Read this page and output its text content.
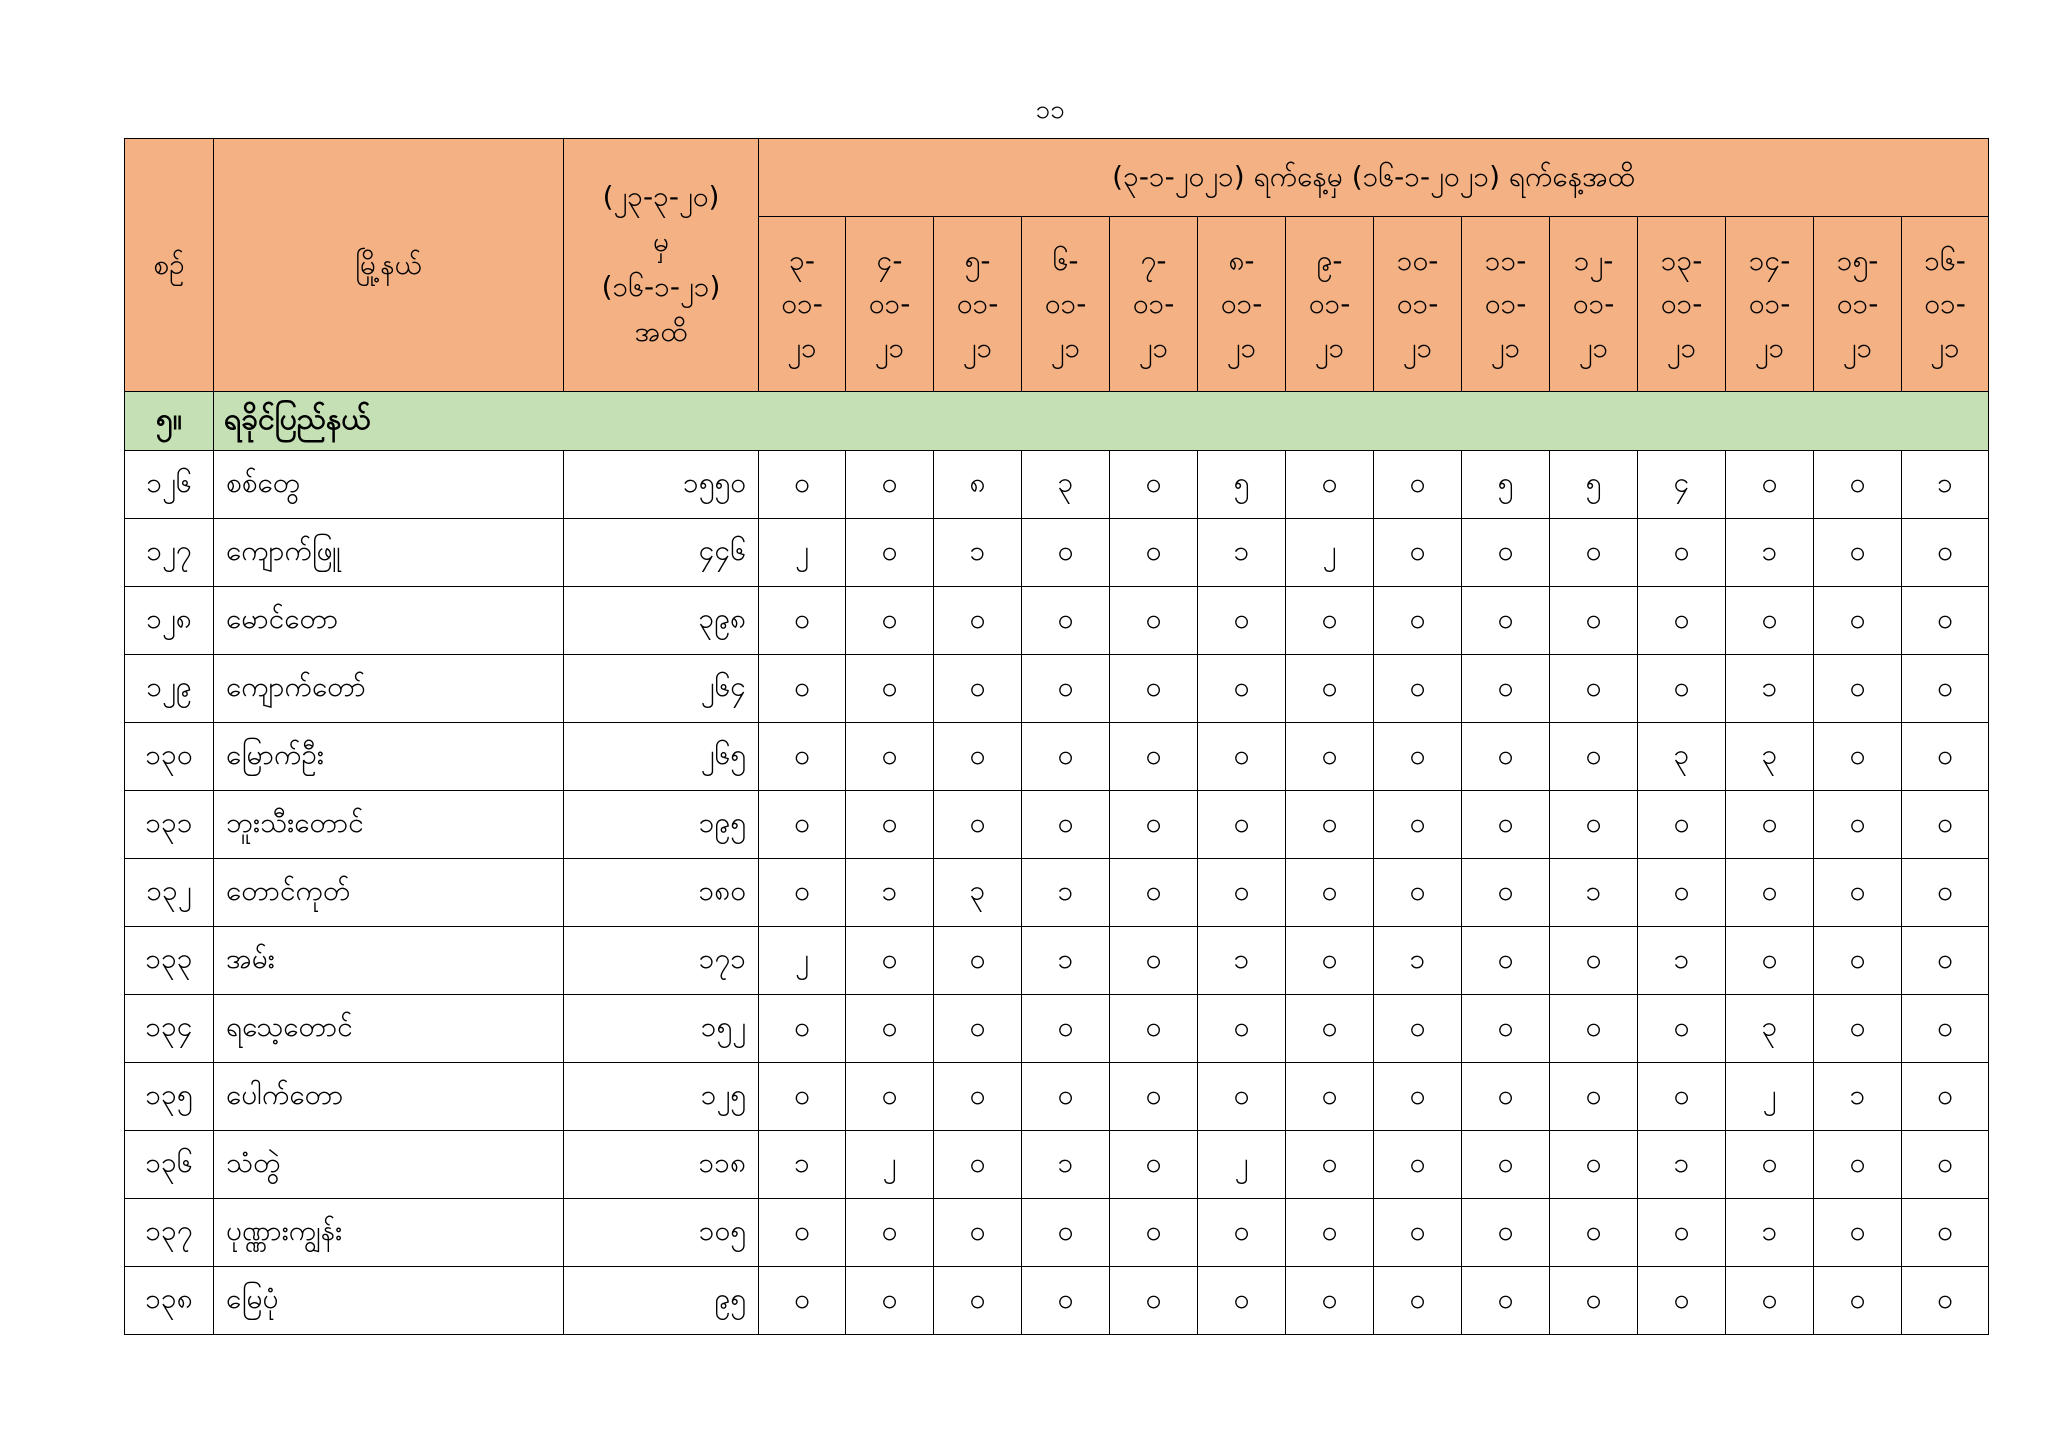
၁၁
စဉ်	မြို့နယ်	(၂၃-၃-၂၀)
မှ
(၁၆-၁-၂၁)
အထိ	(၃-၁-၂၀၂၁) ရက်နေ့မှ (၁၆-၁-၂၀၂၁) ရက်နေ့အထိ													

			၃-
၀၁-
၂၁	၄-
၀၁-
၂၁	၅-
၀၁-
၂၁	၆-
၀၁-
၂၁	၇-
၀၁-
၂၁	၈-
၀၁-
၂၁	၉-
၀၁-
၂၁	၁၀-
၀၁-
၂၁	၁၁-
၀၁-
၂၁	၁၂-
၀၁-
၂၁	၁၃-
၀၁-
၂၁	၁၄-
၀၁-
၂၁	၁၅-
၀၁-
၂၁	၁၆-
၀၁-
၂၁

၅။	ရခိုင်ပြည်နယ်															
၁၂၆	စစ်တွေ	၁၅၅၀	၀	၀	၈	၃	၀	၅	၀	၀	၅	၅	၄	၀	၀	၁
၁၂၇	ကျောက်ဖြူ	၄၄၆	၂	၀	၁	၀	၀	၁	၂	၀	၀	၀	၀	၁	၀	၀
၁၂၈	မောင်တော	၃၉၈	၀	၀	၀	၀	၀	၀	၀	၀	၀	၀	၀	၀	၀	၀
၁၂၉	ကျောက်တော်	၂၆၄	၀	၀	၀	၀	၀	၀	၀	၀	၀	၀	၀	၁	၀	၀
၁၃၀	မြောက်ဦး	၂၆၅	၀	၀	၀	၀	၀	၀	၀	၀	၀	၀	၃	၃	၀	၀
၁၃၁	ဘူးသီးတောင်	၁၉၅	၀	၀	၀	၀	၀	၀	၀	၀	၀	၀	၀	၀	၀	၀
၁၃၂	တောင်ကုတ်	၁၈၀	၀	၁	၃	၁	၀	၀	၀	၀	၀	၁	၀	၀	၀	၀
၁၃၃	အမ်း	၁၇၁	၂	၀	၀	၁	၀	၁	၀	၁	၀	၀	၁	၀	၀	၀
၁၃၄	ရသေ့တောင်	၁၅၂	၀	၀	၀	၀	၀	၀	၀	၀	၀	၀	၀	၃	၀	၀
၁၃၅	ပေါက်တော	၁၂၅	၀	၀	၀	၀	၀	၀	၀	၀	၀	၀	၀	၂	၁	၀
၁၃၆	သံတွဲ	၁၁၈	၁	၂	၀	၁	၀	၂	၀	၀	၀	၀	၁	၀	၀	၀
၁၃၇	ပုဏ္ဏားကျွန်း	၁၀၅	၀	၀	၀	၀	၀	၀	၀	၀	၀	၀	၀	၁	၀	၀
၁၃၈	မြေပုံ	၉၅	၀	၀	၀	၀	၀	၀	၀	၀	၀	၀	၀	၀	၀	၀
